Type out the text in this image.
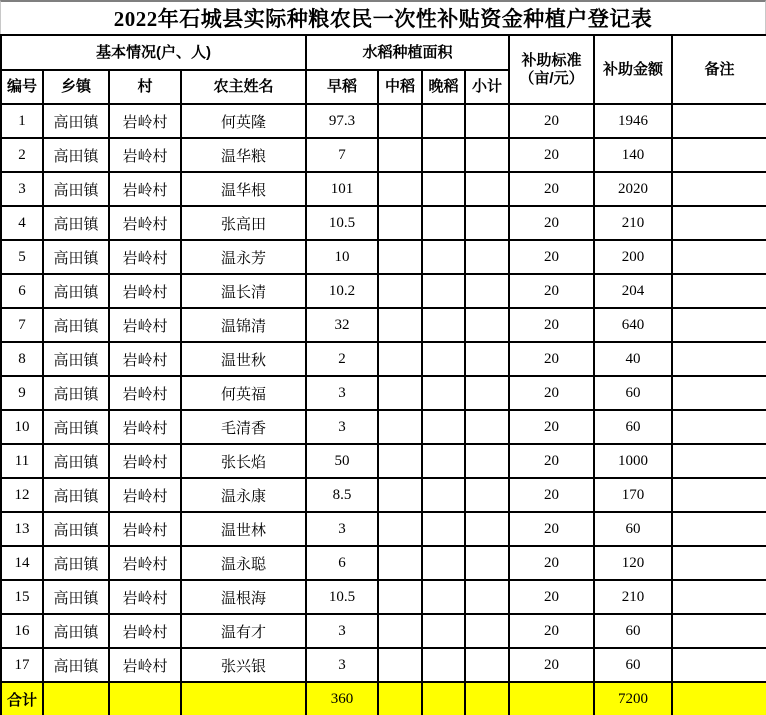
2022年石城县实际种粮农民一次性补贴资金种植户登记表
基本情况(户、人)				水稻种植面积				补助标准
（亩/元）	补助金额	备注
编号	乡镇	村	农主姓名	早稻	中稻	晚稻	小计			
1	高田镇	岩岭村	何英隆	97.3				20	1946	
2	高田镇	岩岭村	温华粮	7				20	140	
3	高田镇	岩岭村	温华根	101				20	2020	
4	高田镇	岩岭村	张高田	10.5				20	210	
5	高田镇	岩岭村	温永芳	10				20	200	
6	高田镇	岩岭村	温长清	10.2				20	204	
7	高田镇	岩岭村	温锦清	32				20	640	
8	高田镇	岩岭村	温世秋	2				20	40	
9	高田镇	岩岭村	何英福	3				20	60	
10	高田镇	岩岭村	毛清香	3				20	60	
11	高田镇	岩岭村	张长焰	50				20	1000	
12	高田镇	岩岭村	温永康	8.5				20	170	
13	高田镇	岩岭村	温世林	3				20	60	
14	高田镇	岩岭村	温永聪	6				20	120	
15	高田镇	岩岭村	温根海	10.5				20	210	
16	高田镇	岩岭村	温有才	3				20	60	
17	高田镇	岩岭村	张兴银	3				20	60	
合计				360					7200	
